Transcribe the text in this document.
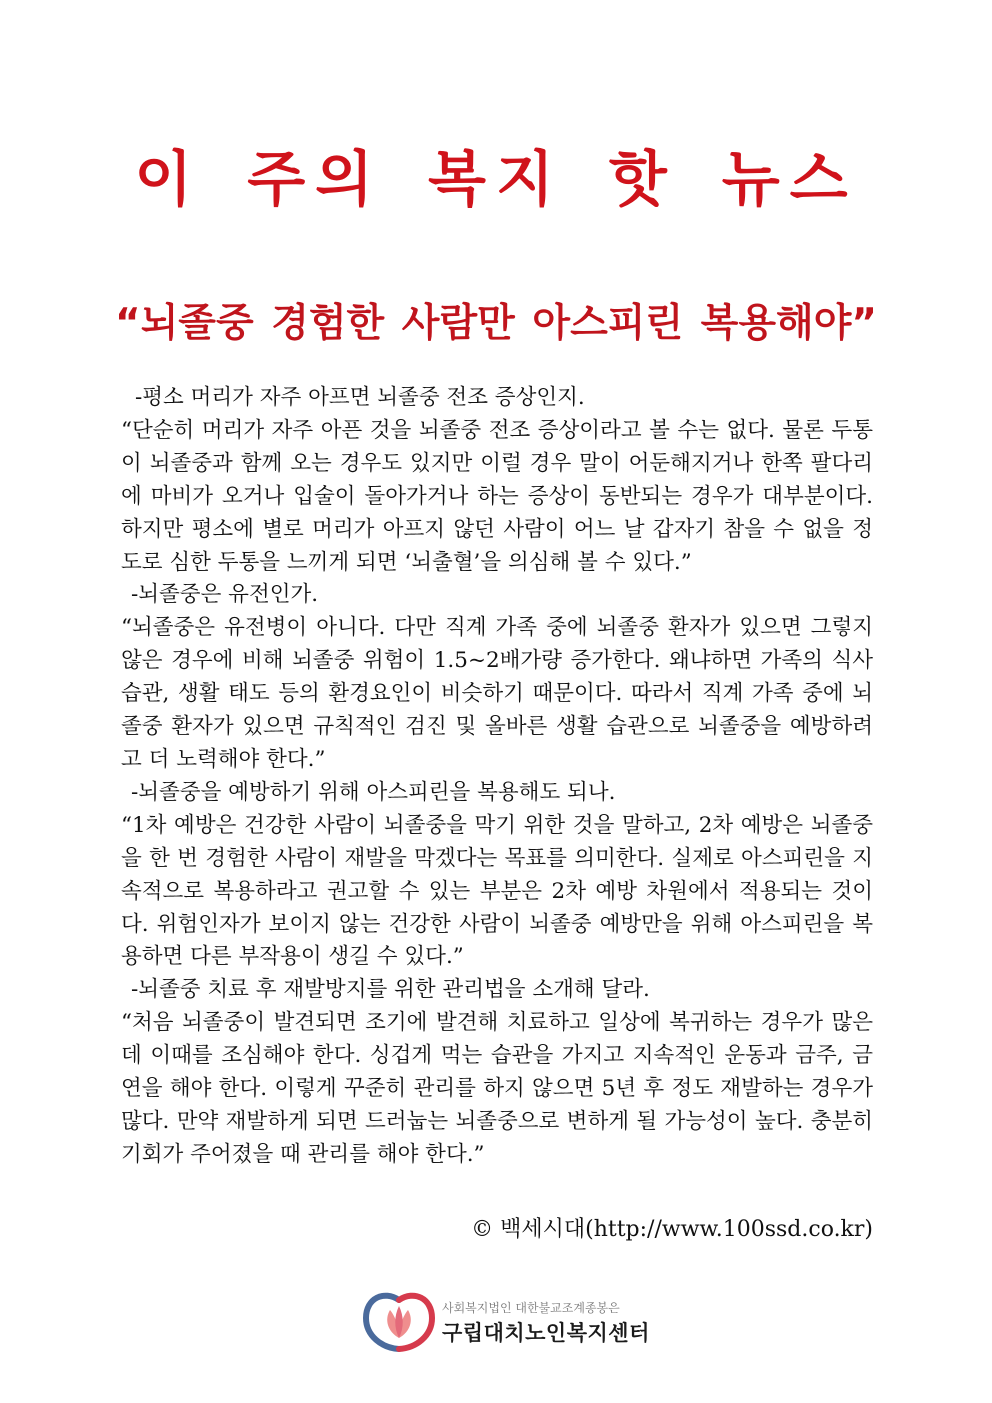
이 주의 복지 핫 뉴스
“뇌졸중 경험한 사람만 아스피린 복용해야”

-평소 머리가 자주 아프면 뇌졸중 전조 증상인지.

“단순히 머리가 자주 아픈 것을 뇌졸중 전조 증상이라고 볼 수는 없다. 물론 두통이 뇌졸중과 함께 오는 경우도 있지만 이럴 경우 말이 어둔해지거나 한쪽 팔다리에 마비가 오거나 입술이 돌아가거나 하는 증상이 동반되는 경우가 대부분이다. 하지만 평소에 별로 머리가 아프지 않던 사람이 어느 날 갑자기 참을 수 없을 정도로 심한 두통을 느끼게 되면 ‘뇌출혈’을 의심해 볼 수 있다.”

-뇌졸중은 유전인가.

“뇌졸중은 유전병이 아니다. 다만 직계 가족 중에 뇌졸중 환자가 있으면 그렇지 않은 경우에 비해 뇌졸중 위험이 1.5~2배가량 증가한다. 왜냐하면 가족의 식사 습관, 생활 태도 등의 환경요인이 비슷하기 때문이다. 따라서 직계 가족 중에 뇌졸중 환자가 있으면 규칙적인 검진 및 올바른 생활 습관으로 뇌졸중을 예방하려고 더 노력해야 한다.”

-뇌졸중을 예방하기 위해 아스피린을 복용해도 되나.

“1차 예방은 건강한 사람이 뇌졸중을 막기 위한 것을 말하고, 2차 예방은 뇌졸중을 한 번 경험한 사람이 재발을 막겠다는 목표를 의미한다. 실제로 아스피린을 지속적으로 복용하라고 권고할 수 있는 부분은 2차 예방 차원에서 적용되는 것이다. 위험인자가 보이지 않는 건강한 사람이 뇌졸중 예방만을 위해 아스피린을 복용하면 다른 부작용이 생길 수 있다.”

-뇌졸중 치료 후 재발방지를 위한 관리법을 소개해 달라.

“처음 뇌졸중이 발견되면 조기에 발견해 치료하고 일상에 복귀하는 경우가 많은데 이때를 조심해야 한다. 싱겁게 먹는 습관을 가지고 지속적인 운동과 금주, 금연을 해야 한다. 이렇게 꾸준히 관리를 하지 않으면 5년 후 정도 재발하는 경우가 많다. 만약 재발하게 되면 드러눕는 뇌졸중으로 변하게 될 가능성이 높다. 충분히 기회가 주어졌을 때 관리를 해야 한다.”

© 백세시대(http://www.100ssd.co.kr)
사회복지법인 대한불교조계종봉은
구립대치노인복지센터
